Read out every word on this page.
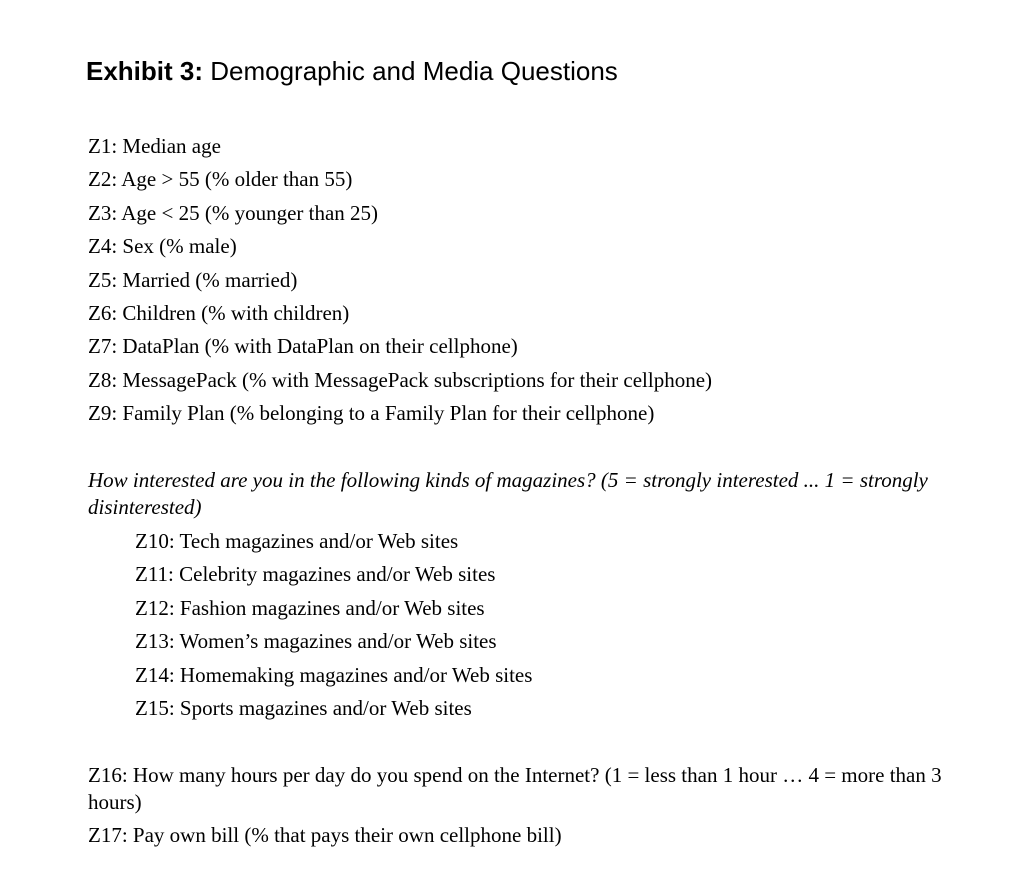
Exhibit 3: Demographic and Media Questions
Z1: Median age
Z2: Age > 55 (% older than 55)
Z3: Age < 25 (% younger than 25)
Z4: Sex (% male)
Z5: Married (% married)
Z6: Children (% with children)
Z7: DataPlan (% with DataPlan on their cellphone)
Z8: MessagePack (% with MessagePack subscriptions for their cellphone)
Z9: Family Plan (% belonging to a Family Plan for their cellphone)
How interested are you in the following kinds of magazines? (5 = strongly interested ... 1 = strongly disinterested)
Z10: Tech magazines and/or Web sites
Z11: Celebrity magazines and/or Web sites
Z12: Fashion magazines and/or Web sites
Z13: Women’s magazines and/or Web sites
Z14: Homemaking magazines and/or Web sites
Z15: Sports magazines and/or Web sites
Z16: How many hours per day do you spend on the Internet? (1 = less than 1 hour … 4 = more than 3 hours)
Z17: Pay own bill (% that pays their own cellphone bill)
